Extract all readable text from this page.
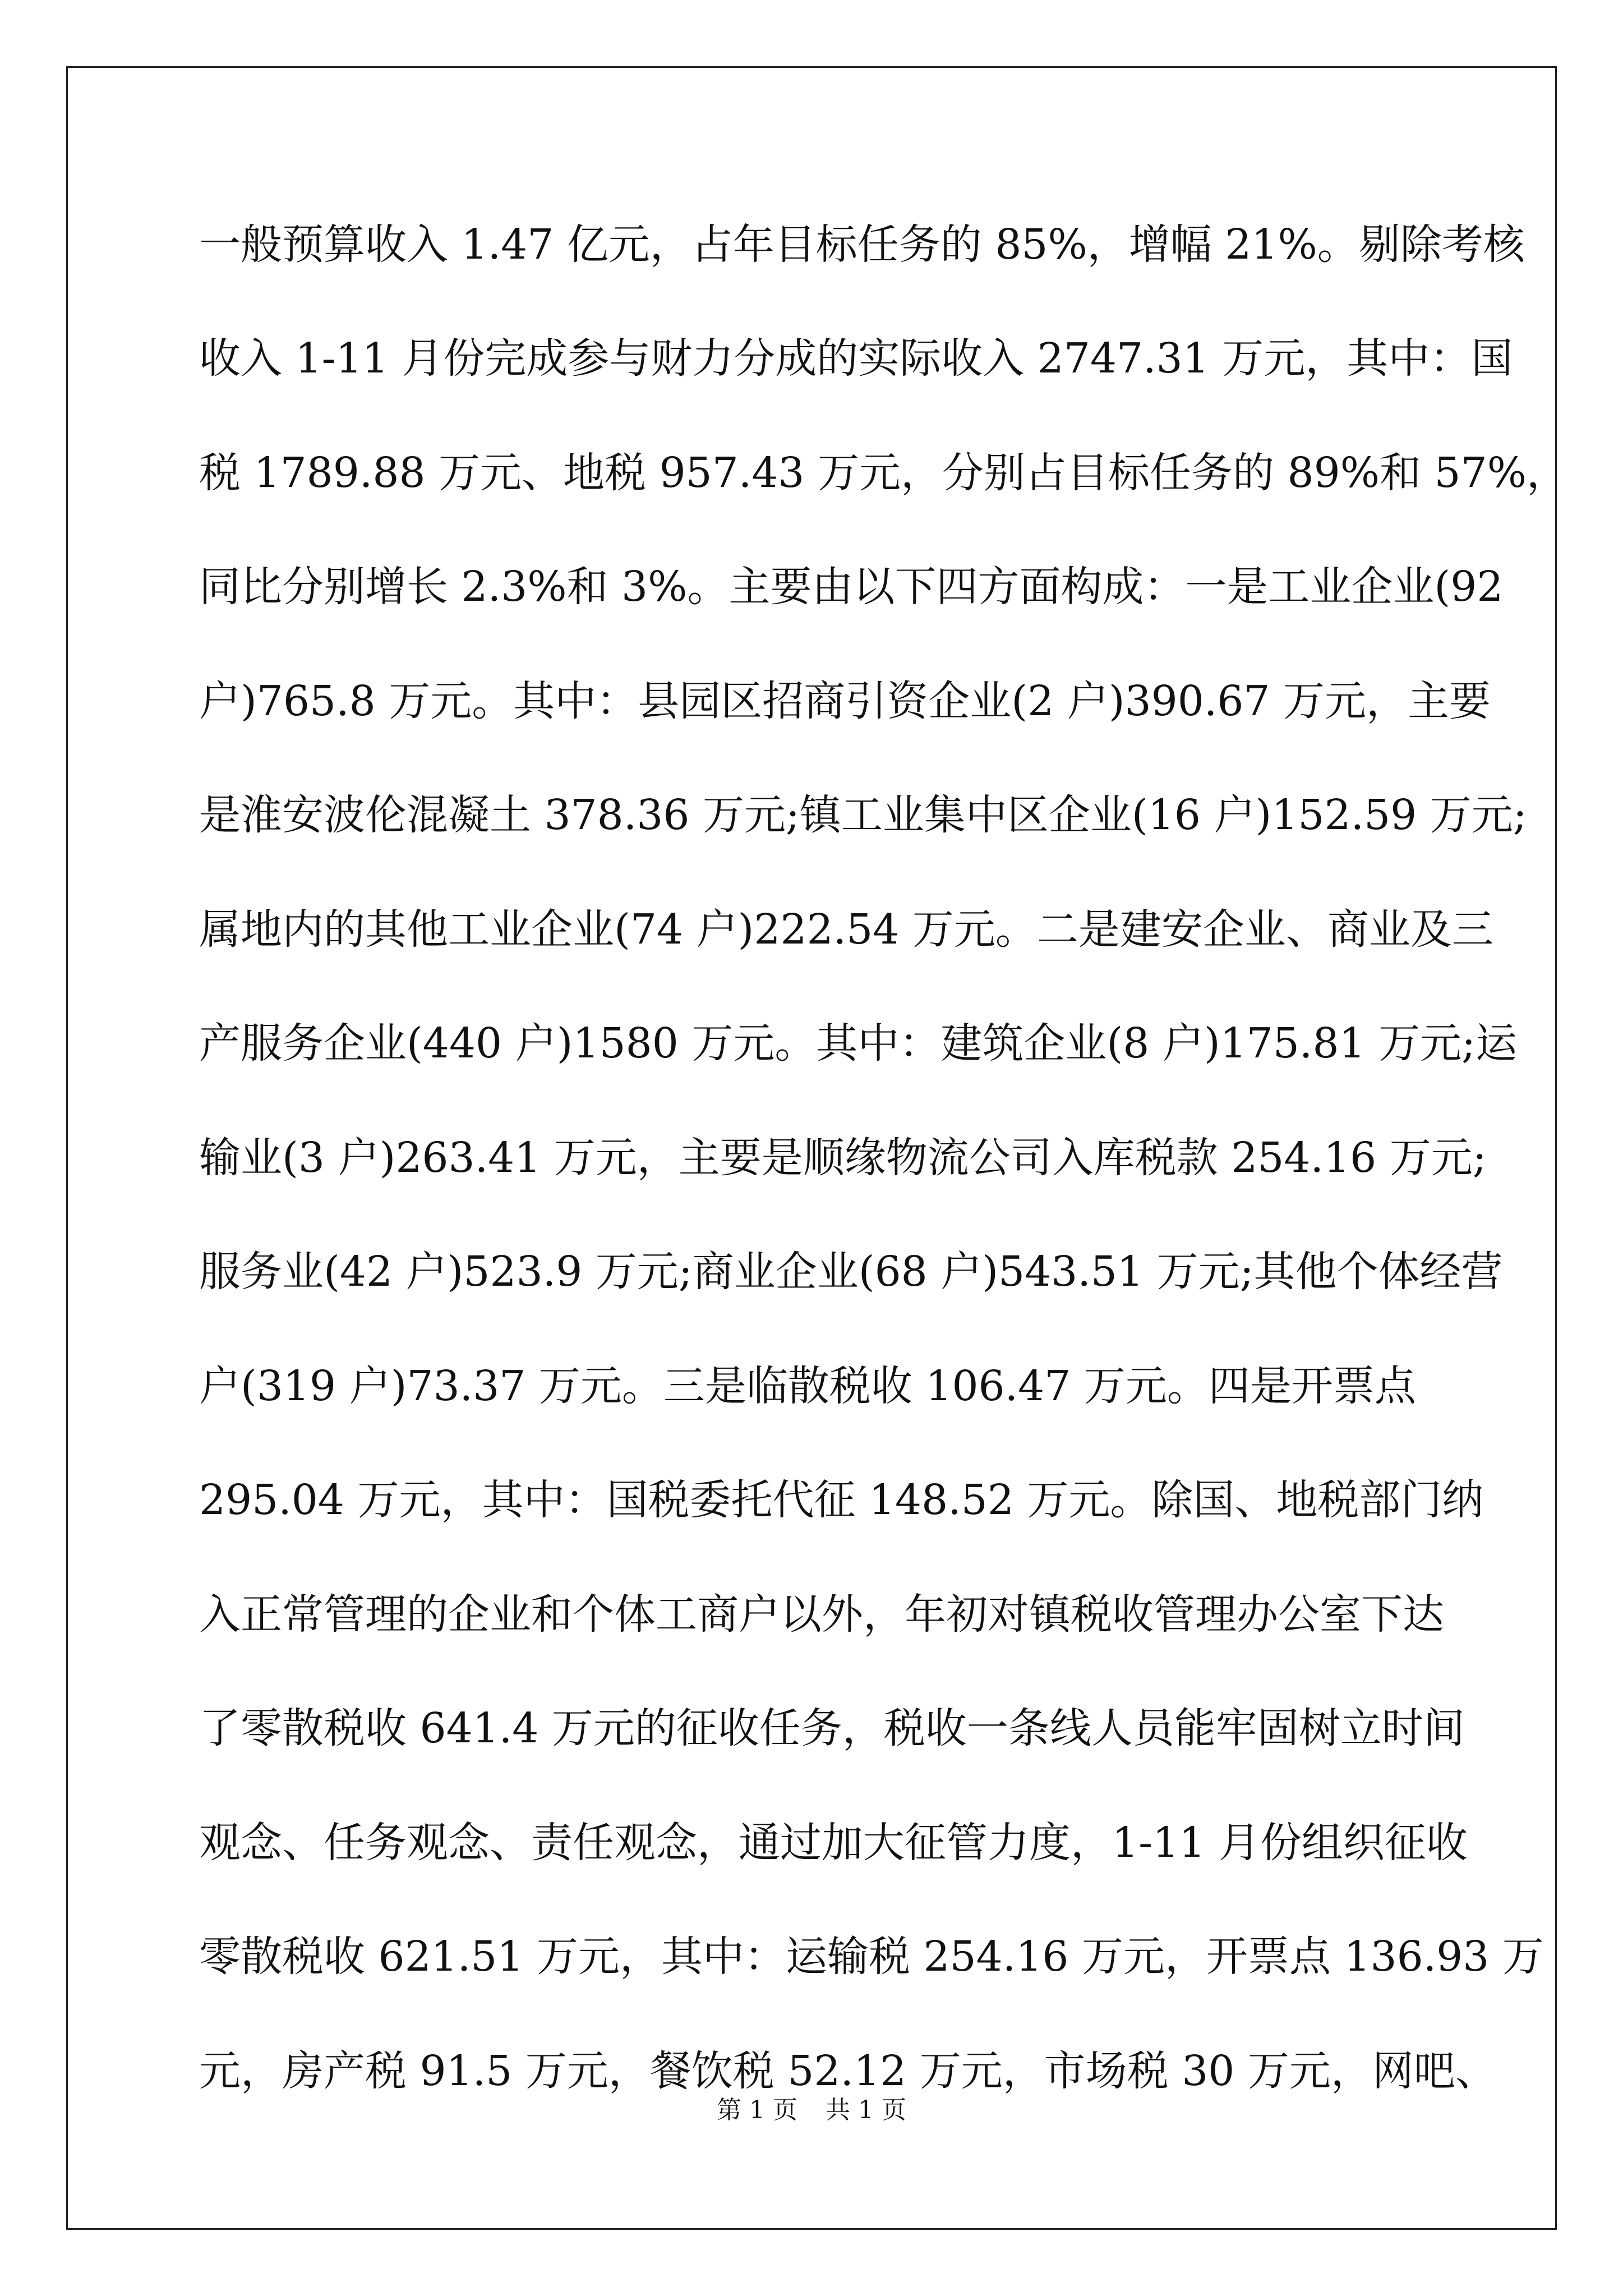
一般预算收入 1.47 亿元，占年目标任务的 85%，增幅 21%。剔除考核
收入 1-11 月份完成参与财力分成的实际收入 2747.31 万元，其中：国
税 1789.88 万元、地税 957.43 万元，分别占目标任务的 89%和 57%，
同比分别增长 2.3%和 3%。主要由以下四方面构成：一是工业企业(92
户)765.8 万元。其中：县园区招商引资企业(2 户)390.67 万元，主要
是淮安波伦混凝土 378.36 万元;镇工业集中区企业(16 户)152.59 万元;
属地内的其他工业企业(74 户)222.54 万元。二是建安企业、商业及三
产服务企业(440 户)1580 万元。其中：建筑企业(8 户)175.81 万元;运
输业(3 户)263.41 万元，主要是顺缘物流公司入库税款 254.16 万元;
服务业(42 户)523.9 万元;商业企业(68 户)543.51 万元;其他个体经营
户(319 户)73.37 万元。三是临散税收 106.47 万元。四是开票点
295.04 万元，其中：国税委托代征 148.52 万元。除国、地税部门纳
入正常管理的企业和个体工商户以外，年初对镇税收管理办公室下达
了零散税收 641.4 万元的征收任务，税收一条线人员能牢固树立时间
观念、任务观念、责任观念，通过加大征管力度，1-11 月份组织征收
零散税收 621.51 万元，其中：运输税 254.16 万元，开票点 136.93 万
元，房产税 91.5 万元，餐饮税 52.12 万元，市场税 30 万元，网吧、
第 1 页 共 1 页
